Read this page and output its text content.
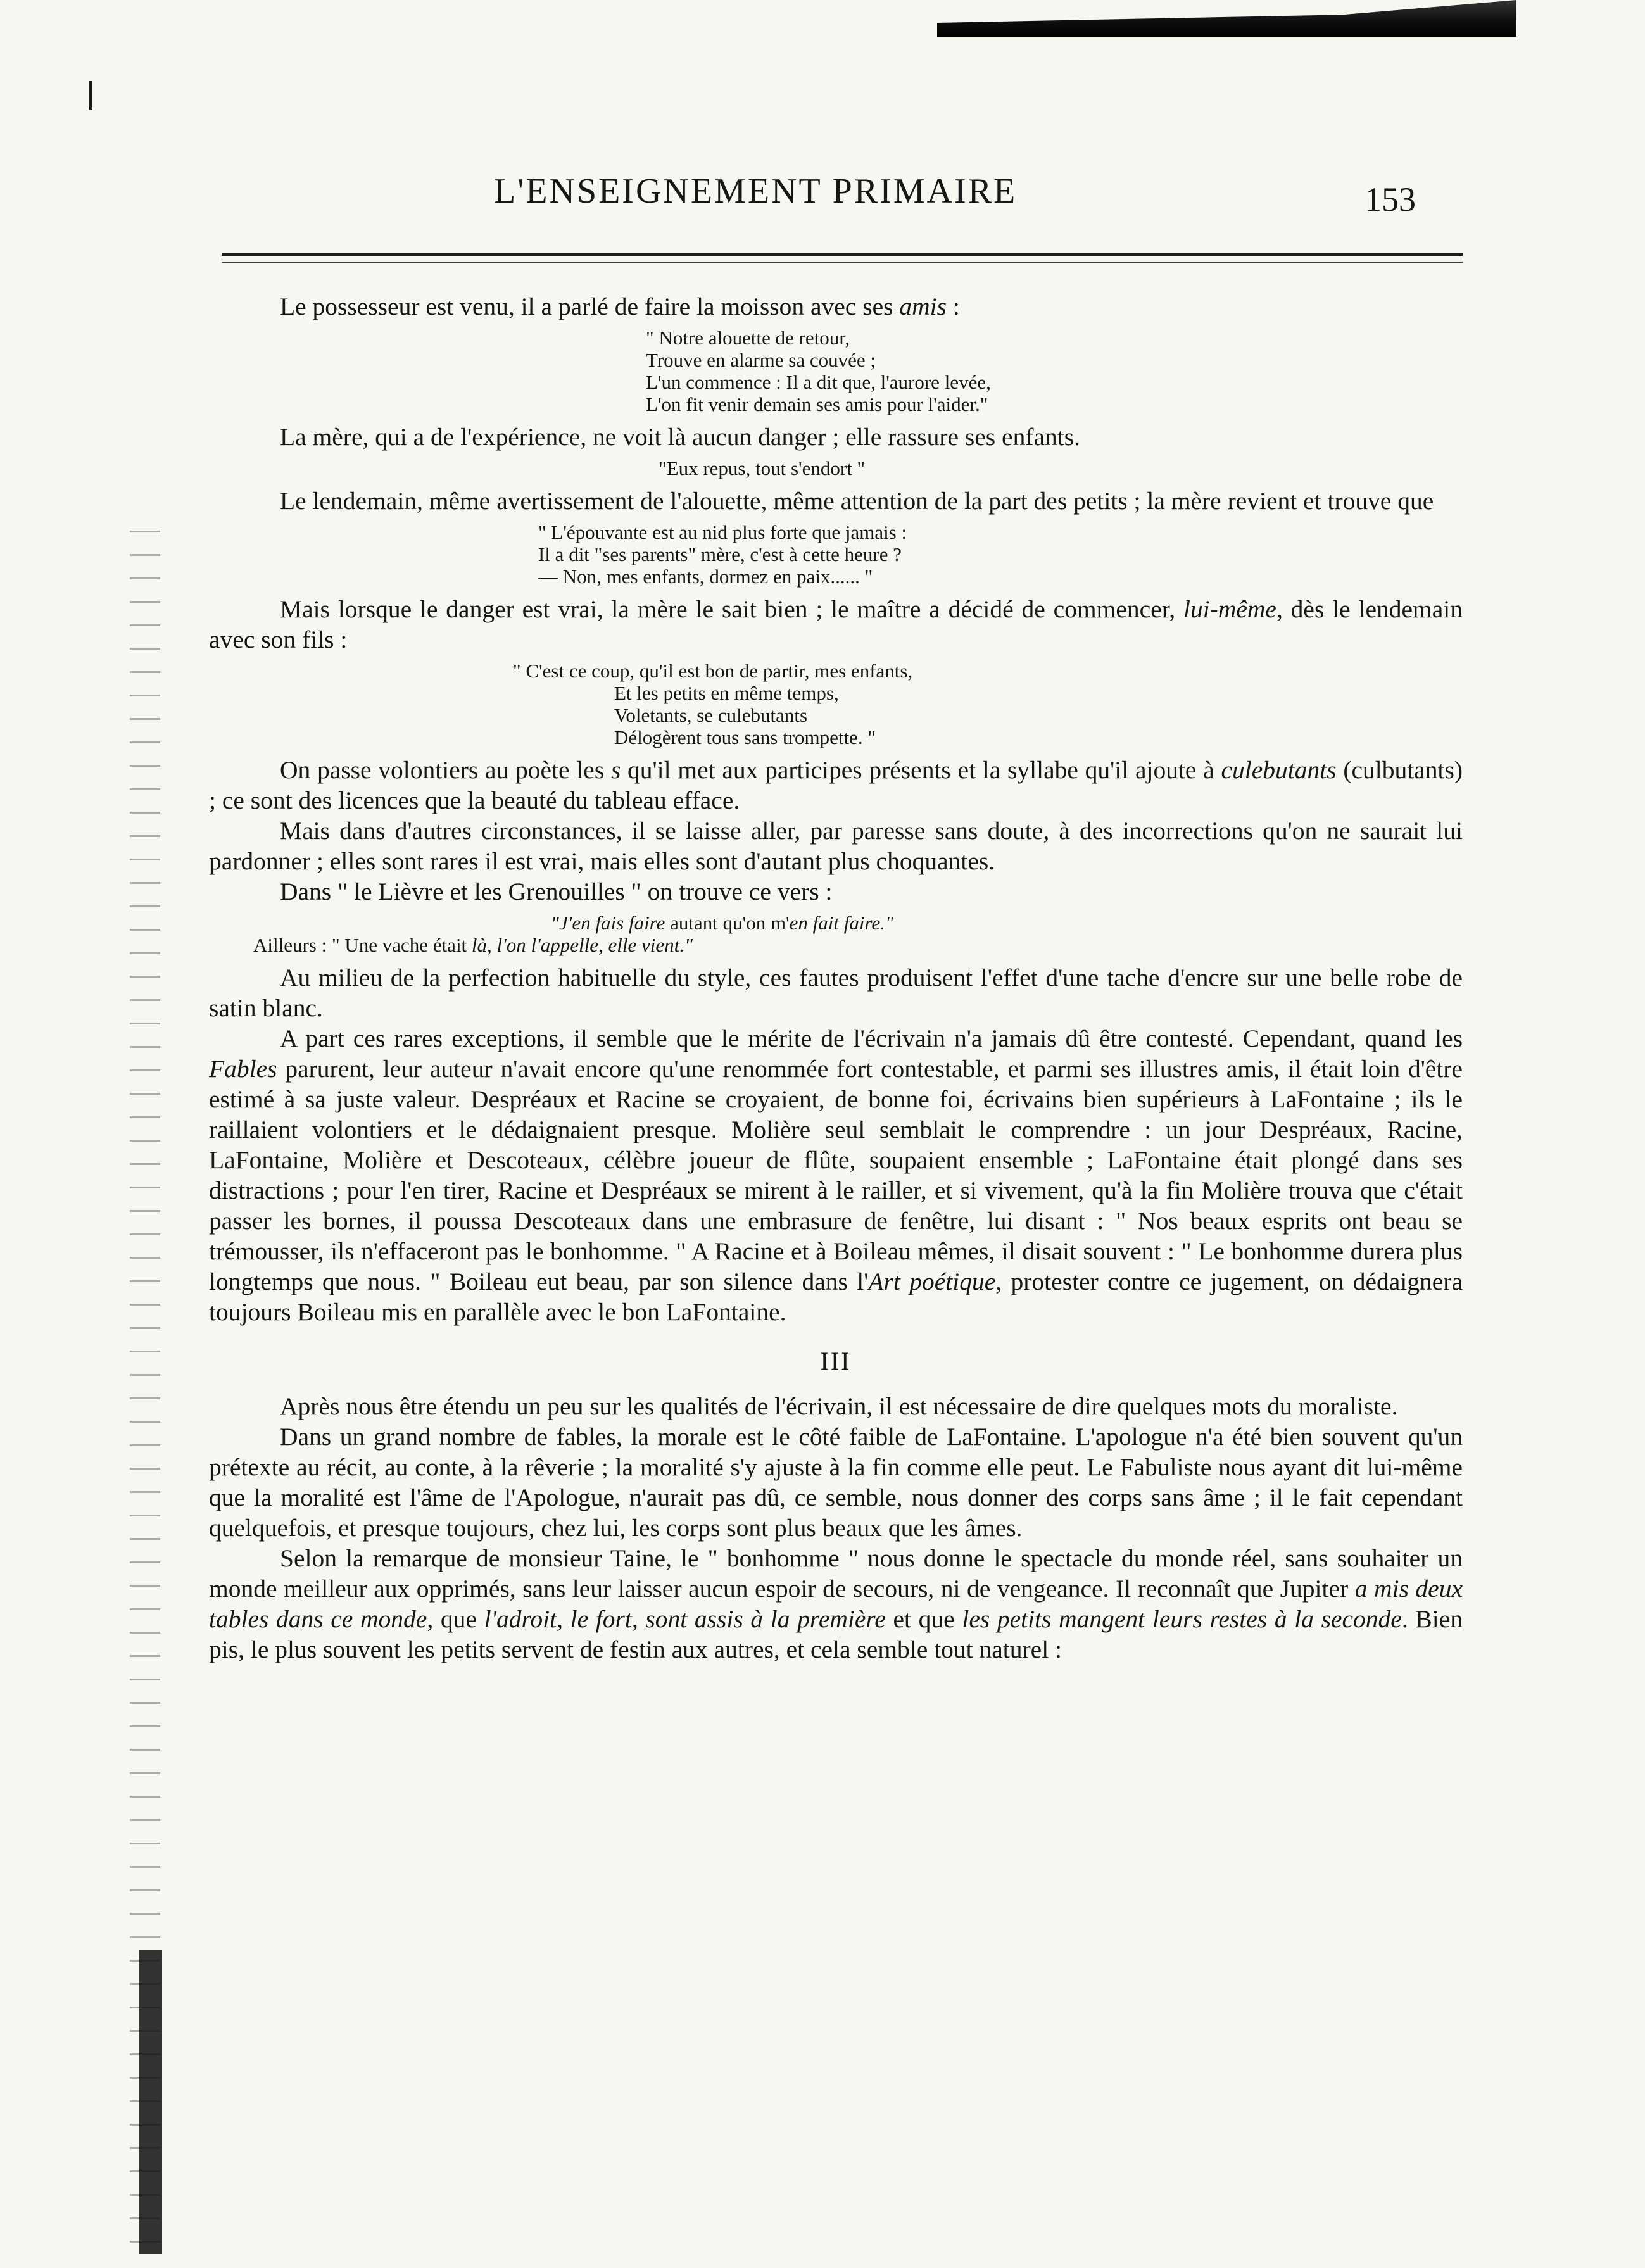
L'ENSEIGNEMENT PRIMAIRE	153

Le possesseur est venu, il a parlé de faire la moisson avec ses amis :

" Notre alouette de retour,
Trouve en alarme sa couvée ;
L'un commence : Il a dit que, l'aurore levée,
L'on fit venir demain ses amis pour l'aider."

La mère, qui a de l'expérience, ne voit là aucun danger ; elle rassure ses enfants.

"Eux repus, tout s'endort "

Le lendemain, même avertissement de l'alouette, même attention de la part des petits ; la mère revient et trouve que

" L'épouvante est au nid plus forte que jamais :
Il a dit "ses parents" mère, c'est à cette heure ?
— Non, mes enfants, dormez en paix...... "

Mais lorsque le danger est vrai, la mère le sait bien ; le maître a décidé de commencer, lui-même, dès le lendemain avec son fils :

" C'est ce coup, qu'il est bon de partir, mes enfants,
Et les petits en même temps,
Voletants, se culebutants
Délogèrent tous sans trompette. "

On passe volontiers au poète les s qu'il met aux participes présents et la syllabe qu'il ajoute à culebutants (culbutants) ; ce sont des licences que la beauté du tableau efface.

Mais dans d'autres circonstances, il se laisse aller, par paresse sans doute, à des incorrections qu'on ne saurait lui pardonner ; elles sont rares il est vrai, mais elles sont d'autant plus choquantes.

Dans " le Lièvre et les Grenouilles " on trouve ce vers :

"J'en fais faire autant qu'on m'en fait faire."
Ailleurs : " Une vache était là, l'on l'appelle, elle vient."

Au milieu de la perfection habituelle du style, ces fautes produisent l'effet d'une tache d'encre sur une belle robe de satin blanc.

A part ces rares exceptions, il semble que le mérite de l'écrivain n'a jamais dû être contesté. Cependant, quand les Fables parurent, leur auteur n'avait encore qu'une renommée fort contestable, et parmi ses illustres amis, il était loin d'être estimé à sa juste valeur. Despréaux et Racine se croyaient, de bonne foi, écrivains bien supérieurs à LaFontaine ; ils le raillaient volontiers et le dédaignaient presque. Molière seul semblait le comprendre : un jour Despréaux, Racine, LaFontaine, Molière et Descoteaux, célèbre joueur de flûte, soupaient ensemble ; LaFontaine était plongé dans ses distractions ; pour l'en tirer, Racine et Despréaux se mirent à le railler, et si vivement, qu'à la fin Molière trouva que c'était passer les bornes, il poussa Descoteaux dans une embrasure de fenêtre, lui disant : " Nos beaux esprits ont beau se trémousser, ils n'effaceront pas le bonhomme. " A Racine et à Boileau mêmes, il disait souvent : " Le bonhomme durera plus longtemps que nous. " Boileau eut beau, par son silence dans l'Art poétique, protester contre ce jugement, on dédaignera toujours Boileau mis en parallèle avec le bon LaFontaine.

III

Après nous être étendu un peu sur les qualités de l'écrivain, il est nécessaire de dire quelques mots du moraliste.

Dans un grand nombre de fables, la morale est le côté faible de LaFontaine. L'apologue n'a été bien souvent qu'un prétexte au récit, au conte, à la rêverie ; la moralité s'y ajuste à la fin comme elle peut. Le Fabuliste nous ayant dit lui-même que la moralité est l'âme de l'Apologue, n'aurait pas dû, ce semble, nous donner des corps sans âme ; il le fait cependant quelquefois, et presque toujours, chez lui, les corps sont plus beaux que les âmes.

Selon la remarque de monsieur Taine, le " bonhomme " nous donne le spectacle du monde réel, sans souhaiter un monde meilleur aux opprimés, sans leur laisser aucun espoir de secours, ni de vengeance. Il reconnaît que Jupiter a mis deux tables dans ce monde, que l'adroit, le fort, sont assis à la première et que les petits mangent leurs restes à la seconde. Bien pis, le plus souvent les petits servent de festin aux autres, et cela semble tout naturel :
